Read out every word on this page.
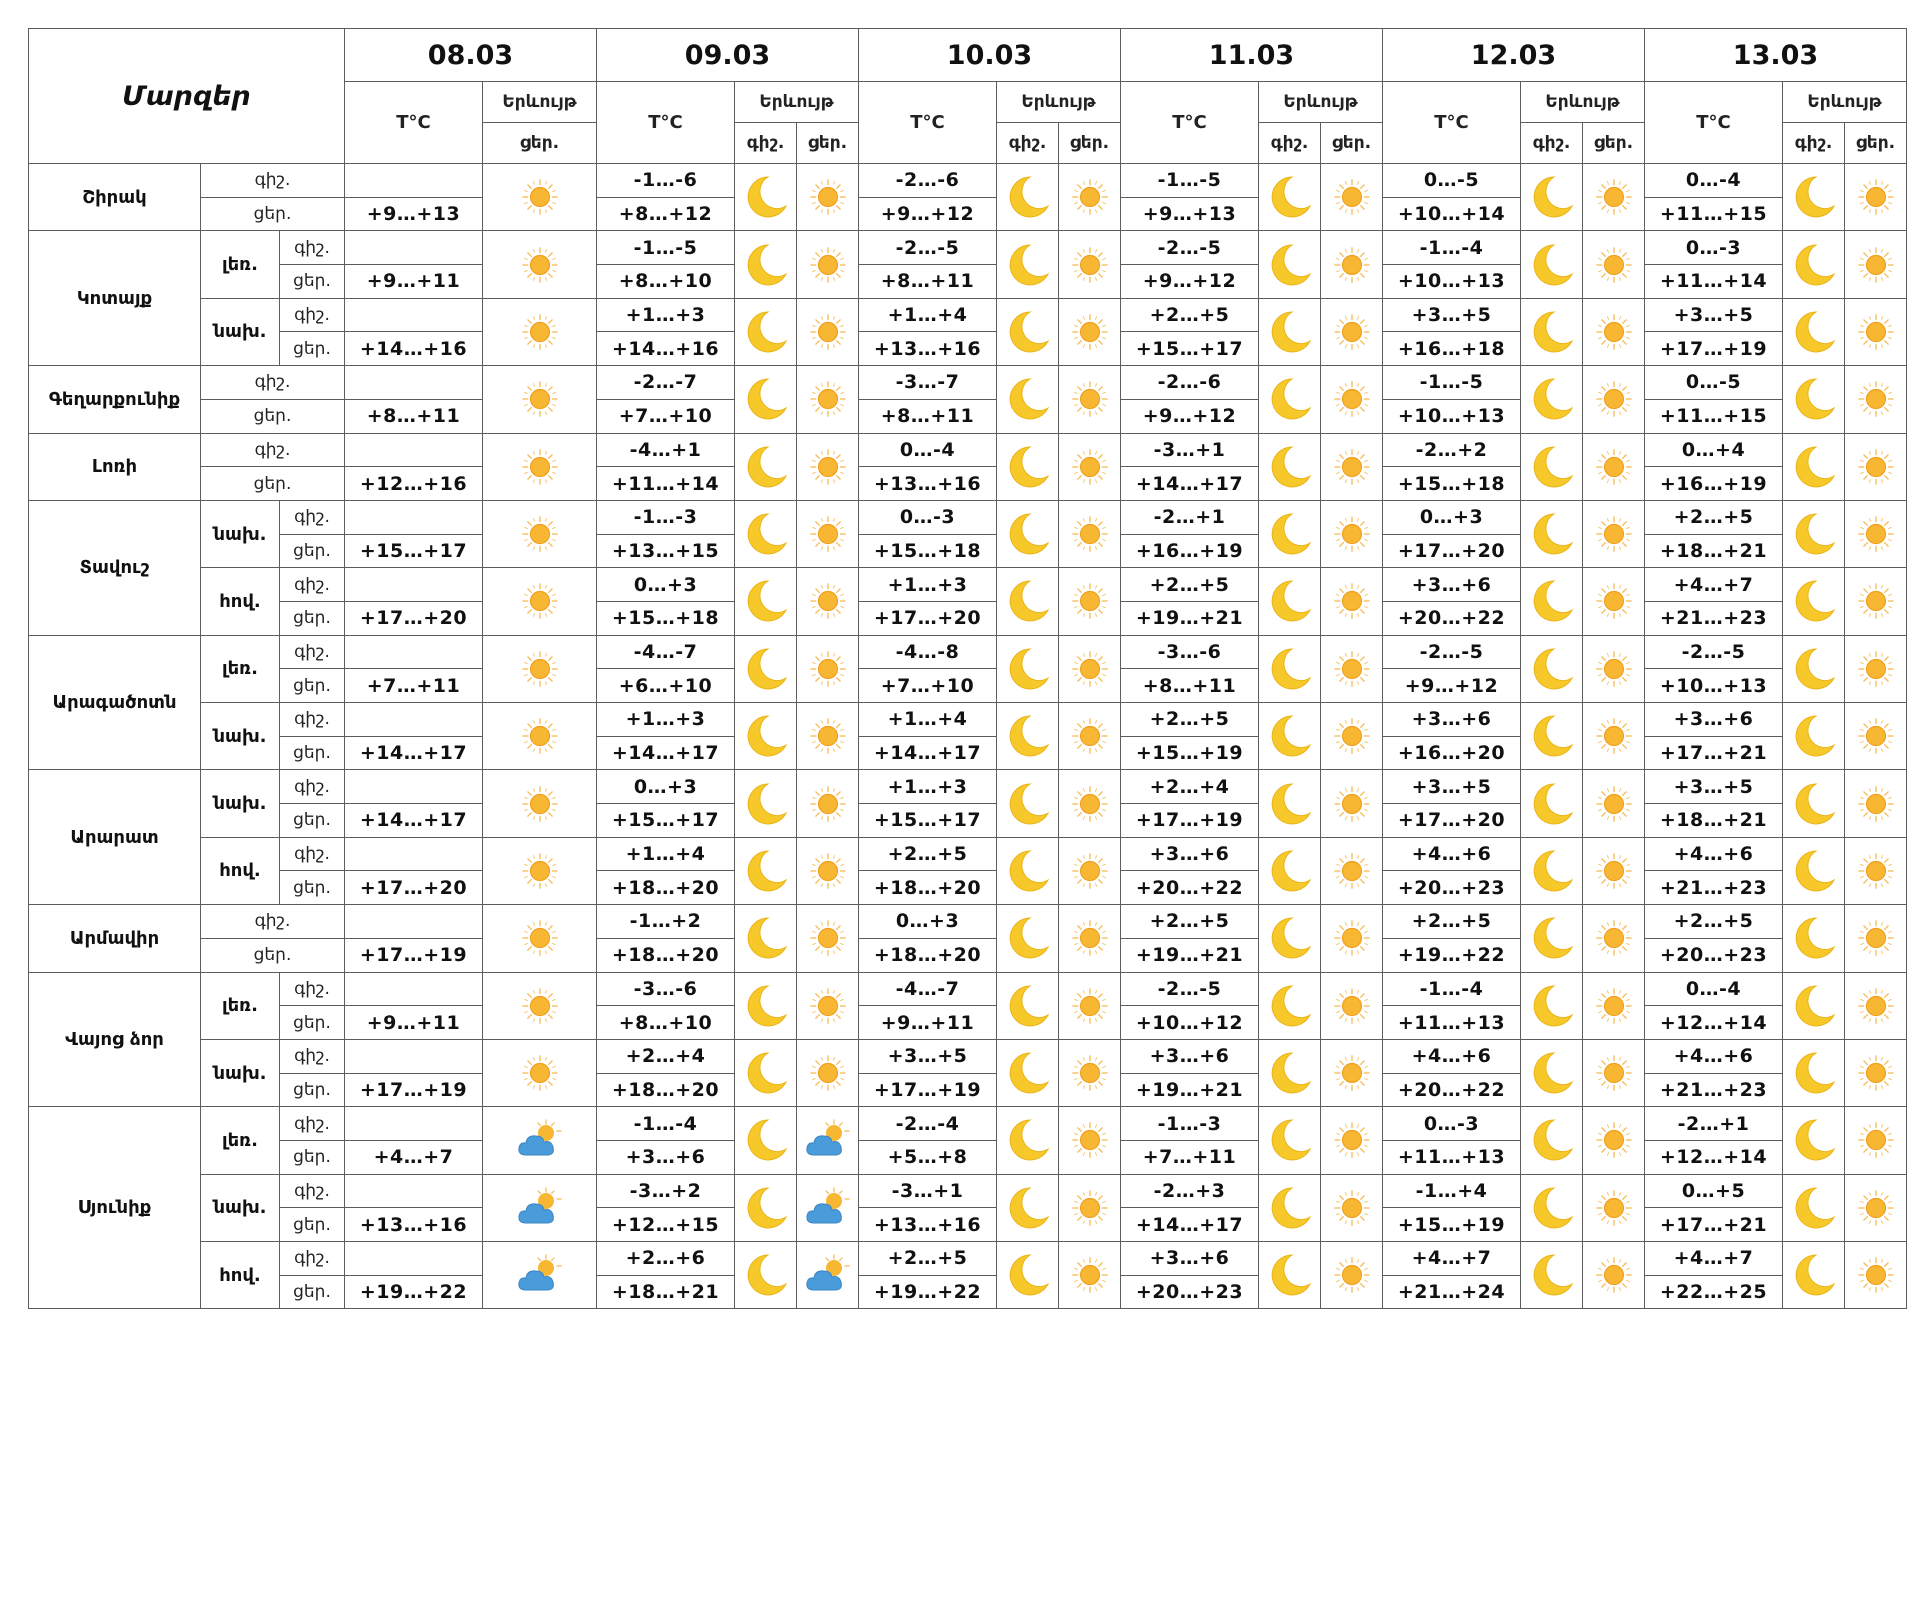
Մարզեր			08.03		09.03			10.03			11.03			12.03			13.03		
			T°C	Երևույթ	T°C	Երևույթ		T°C	Երևույթ		T°C	Երևույթ		T°C	Երևույթ		T°C	Երևույթ	
				ցեր.		գիշ.	ցեր.		գիշ.	ցեր.		գիշ.	ցեր.		գիշ.	ցեր.		գիշ.	ցեր.
Շիրակ	գիշ.				-1…-6			-2…-6			-1…-5			0…-5			0…-4		
	ցեր.		+9…+13		+8…+12			+9…+12			+9…+13			+10…+14			+11…+15		
Կոտայք	լեռ.	գիշ.			-1…-5			-2…-5			-2…-5			-1…-4			0…-3		
		ցեր.	+9…+11		+8…+10			+8…+11			+9…+12			+10…+13			+11…+14		
	նախ.	գիշ.			+1…+3			+1…+4			+2…+5			+3…+5			+3…+5		
		ցեր.	+14…+16		+14…+16			+13…+16			+15…+17			+16…+18			+17…+19		
Գեղարքունիք	գիշ.				-2…-7			-3…-7			-2…-6			-1…-5			0…-5		
	ցեր.		+8…+11		+7…+10			+8…+11			+9…+12			+10…+13			+11…+15		
Լոռի	գիշ.				-4…+1			0…-4			-3…+1			-2…+2			0…+4		
	ցեր.		+12…+16		+11…+14			+13…+16			+14…+17			+15…+18			+16…+19		
Տավուշ	նախ.	գիշ.			-1…-3			0…-3			-2…+1			0…+3			+2…+5		
		ցեր.	+15…+17		+13…+15			+15…+18			+16…+19			+17…+20			+18…+21		
	հով.	գիշ.			0…+3			+1…+3			+2…+5			+3…+6			+4…+7		
		ցեր.	+17…+20		+15…+18			+17…+20			+19…+21			+20…+22			+21…+23		
Արագածոտն	լեռ.	գիշ.			-4…-7			-4…-8			-3…-6			-2…-5			-2…-5		
		ցեր.	+7…+11		+6…+10			+7…+10			+8…+11			+9…+12			+10…+13		
	նախ.	գիշ.			+1…+3			+1…+4			+2…+5			+3…+6			+3…+6		
		ցեր.	+14…+17		+14…+17			+14…+17			+15…+19			+16…+20			+17…+21		
Արարատ	նախ.	գիշ.			0…+3			+1…+3			+2…+4			+3…+5			+3…+5		
		ցեր.	+14…+17		+15…+17			+15…+17			+17…+19			+17…+20			+18…+21		
	հով.	գիշ.			+1…+4			+2…+5			+3…+6			+4…+6			+4…+6		
		ցեր.	+17…+20		+18…+20			+18…+20			+20…+22			+20…+23			+21…+23		
Արմավիր	գիշ.				-1…+2			0…+3			+2…+5			+2…+5			+2…+5		
	ցեր.		+17…+19		+18…+20			+18…+20			+19…+21			+19…+22			+20…+23		
Վայոց ձոր	լեռ.	գիշ.			-3…-6			-4…-7			-2…-5			-1…-4			0…-4		
		ցեր.	+9…+11		+8…+10			+9…+11			+10…+12			+11…+13			+12…+14		
	նախ.	գիշ.			+2…+4			+3…+5			+3…+6			+4…+6			+4…+6		
		ցեր.	+17…+19		+18…+20			+17…+19			+19…+21			+20…+22			+21…+23		
Սյունիք	լեռ.	գիշ.			-1…-4			-2…-4			-1…-3			0…-3			-2…+1		
		ցեր.	+4…+7		+3…+6			+5…+8			+7…+11			+11…+13			+12…+14		
	նախ.	գիշ.			-3…+2			-3…+1			-2…+3			-1…+4			0…+5		
		ցեր.	+13…+16		+12…+15			+13…+16			+14…+17			+15…+19			+17…+21		
	հով.	գիշ.			+2…+6			+2…+5			+3…+6			+4…+7			+4…+7		
		ցեր.	+19…+22		+18…+21			+19…+22			+20…+23			+21…+24			+22…+25		
